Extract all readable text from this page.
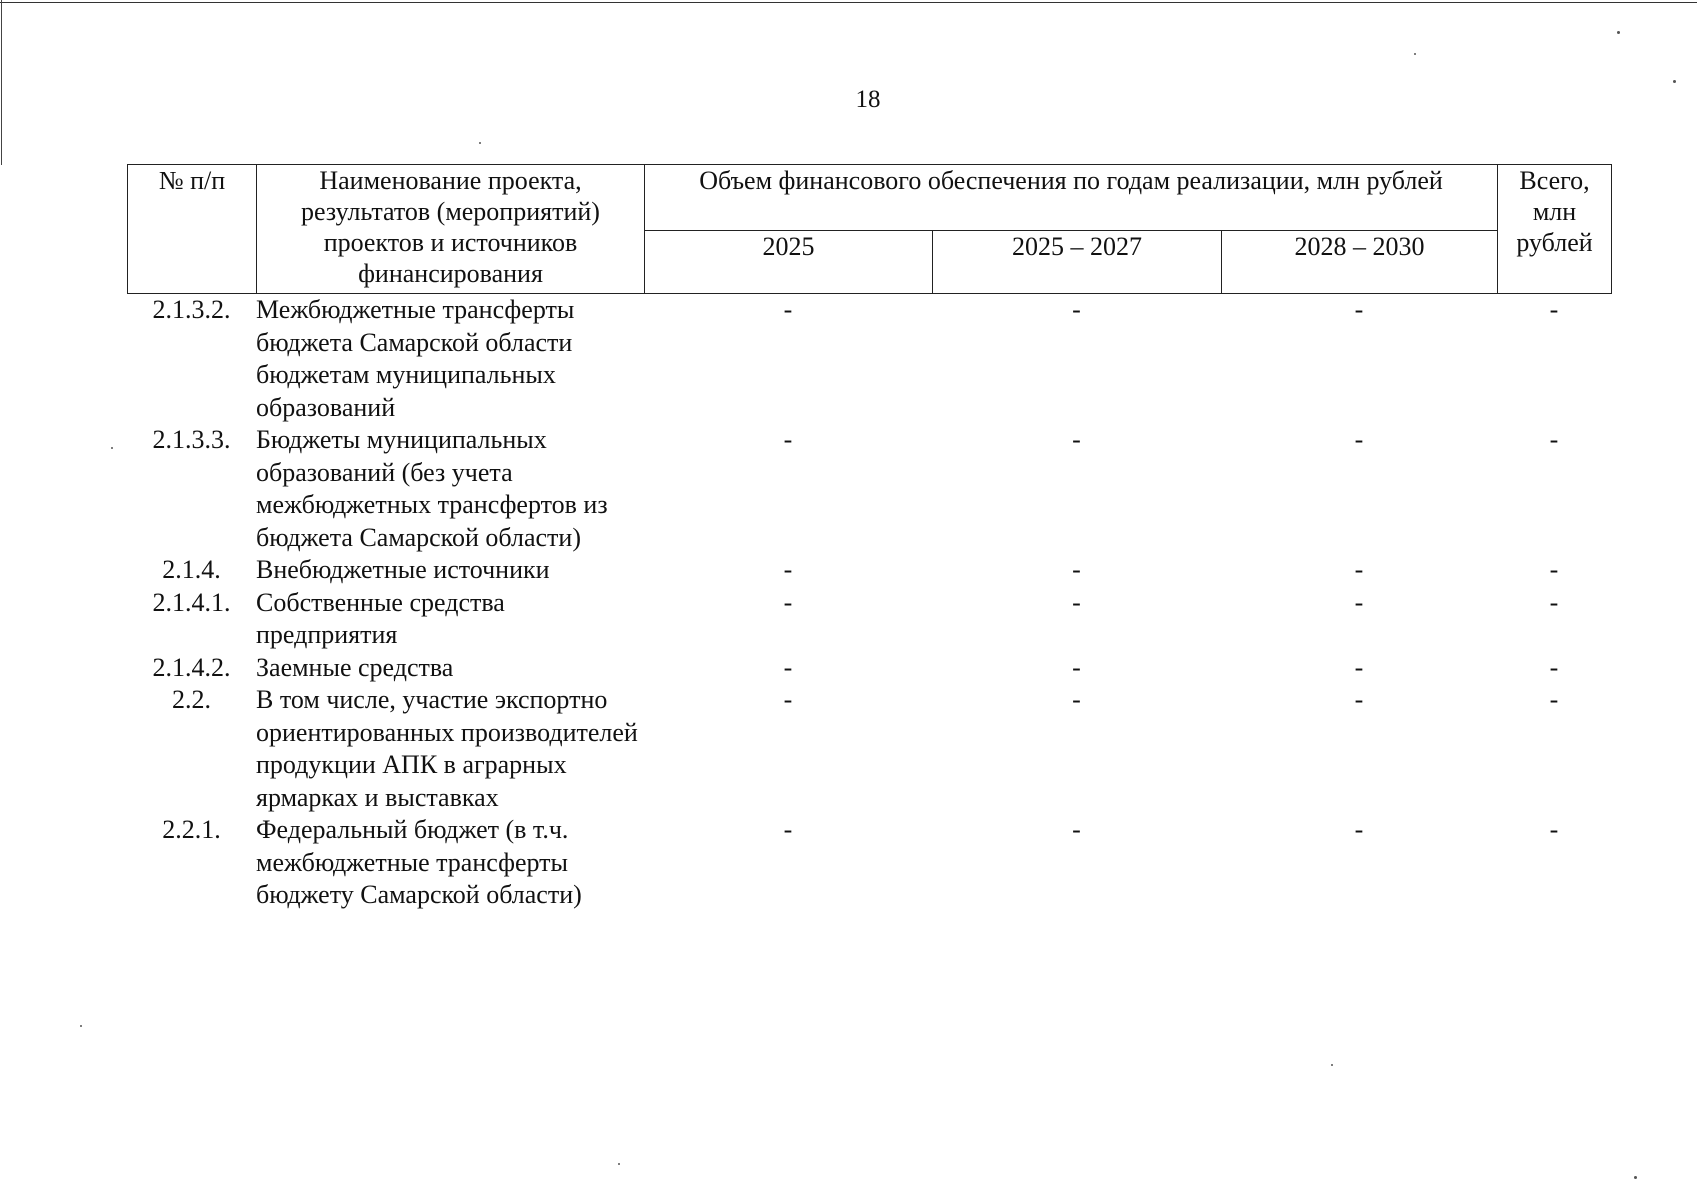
18
№ п/п	Наименование проекта, результатов (мероприятий) проектов и источников финансирования	Объем финансового обеспечения по годам реализации, млн рублей			Всего, млн рублей
		2025	2025 – 2027	2028 – 2030	
2.1.3.2.	Межбюджетные трансферты бюджета Самарской области бюджетам муниципальных образований	-	-	-	-
2.1.3.3.	Бюджеты муниципальных образований (без учета межбюджетных трансфертов из бюджета Самарской области)	-	-	-	-
2.1.4.	Внебюджетные источники	-	-	-	-
2.1.4.1.	Собственные средства предприятия	-	-	-	-
2.1.4.2.	Заемные средства	-	-	-	-
2.2.	В том числе, участие экспортно ориентированных производителей продукции АПК в аграрных ярмарках и выставках	-	-	-	-
2.2.1.	Федеральный бюджет (в т.ч. межбюджетные трансферты бюджету Самарской области)	-	-	-	-
